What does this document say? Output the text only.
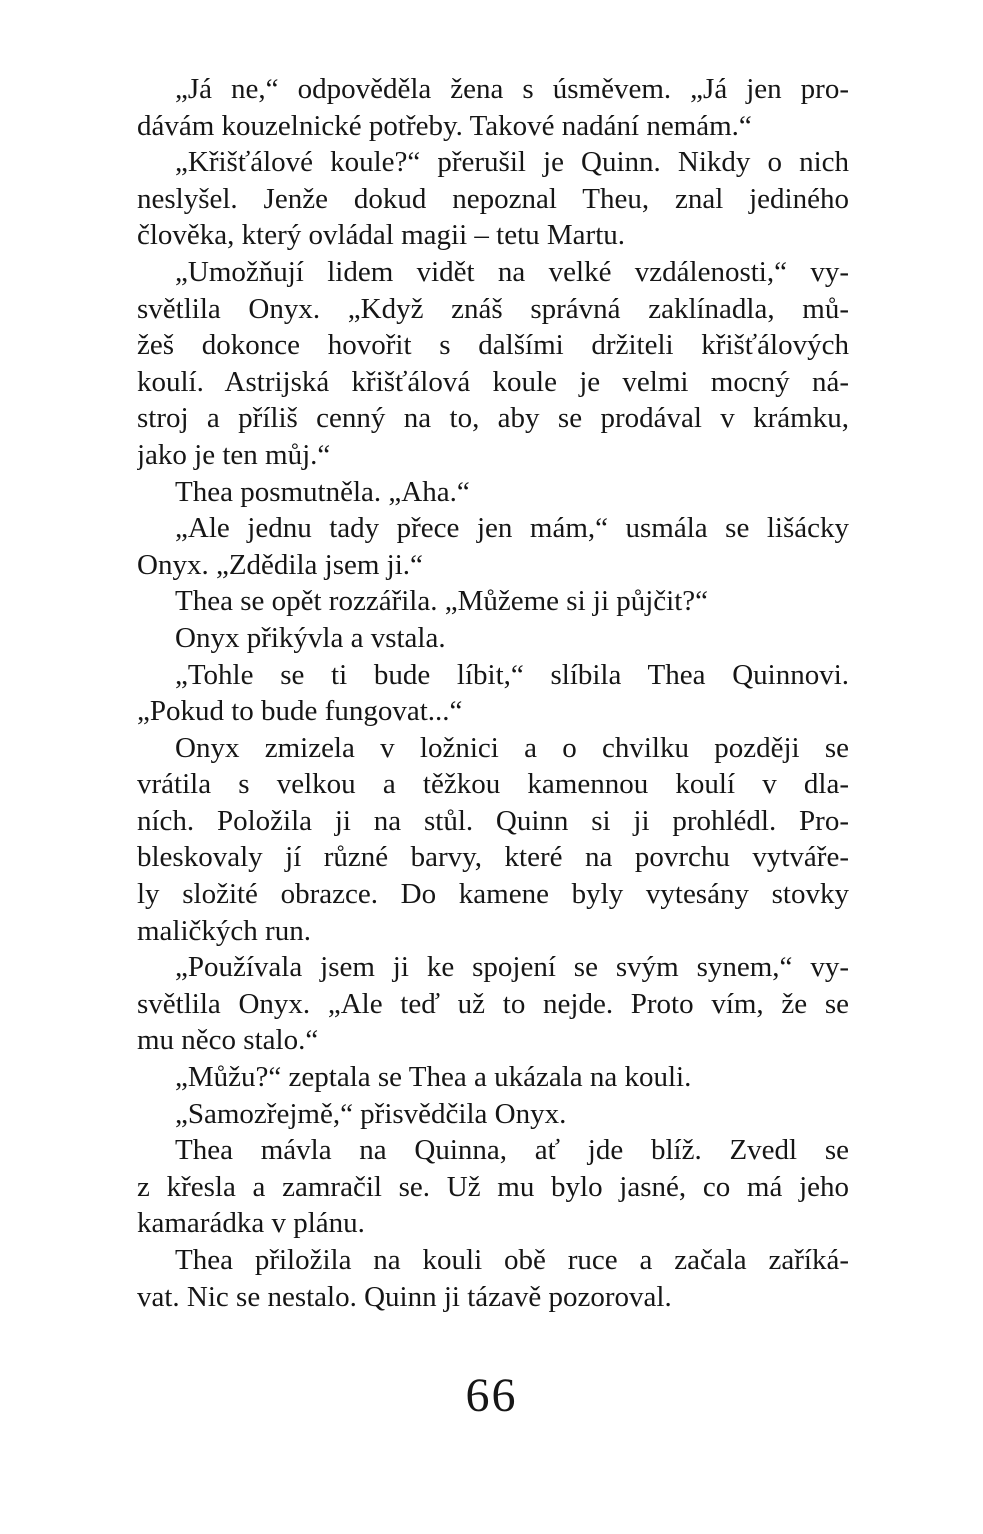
„Já ne,“ odpověděla žena s úsměvem. „Já jen pro-
dávám kouzelnické potřeby. Takové nadání nemám.“
„Křišťálové koule?“ přerušil je Quinn. Nikdy o nich
neslyšel. Jenže dokud nepoznal Theu, znal jediného
člověka, který ovládal magii – tetu Martu.
„Umožňují lidem vidět na velké vzdálenosti,“ vy-
světlila Onyx. „Když znáš správná zaklínadla, mů-
žeš dokonce hovořit s dalšími držiteli křišťálových
koulí. Astrijská křišťálová koule je velmi mocný ná-
stroj a příliš cenný na to, aby se prodával v krámku,
jako je ten můj.“
Thea posmutněla. „Aha.“
„Ale jednu tady přece jen mám,“ usmála se lišácky
Onyx. „Zdědila jsem ji.“
Thea se opět rozzářila. „Můžeme si ji půjčit?“
Onyx přikývla a vstala.
„Tohle se ti bude líbit,“ slíbila Thea Quinnovi.
„Pokud to bude fungovat...“
Onyx zmizela v ložnici a o chvilku později se
vrátila s velkou a těžkou kamennou koulí v dla-
ních. Položila ji na stůl. Quinn si ji prohlédl. Pro-
bleskovaly jí různé barvy, které na povrchu vytváře-
ly složité obrazce. Do kamene byly vytesány stovky
maličkých run.
„Používala jsem ji ke spojení se svým synem,“ vy-
světlila Onyx. „Ale teď už to nejde. Proto vím, že se
mu něco stalo.“
„Můžu?“ zeptala se Thea a ukázala na kouli.
„Samozřejmě,“ přisvědčila Onyx.
Thea mávla na Quinna, ať jde blíž. Zvedl se
z křesla a zamračil se. Už mu bylo jasné, co má jeho
kamarádka v plánu.
Thea přiložila na kouli obě ruce a začala zaříká-
vat. Nic se nestalo. Quinn ji tázavě pozoroval.
66
